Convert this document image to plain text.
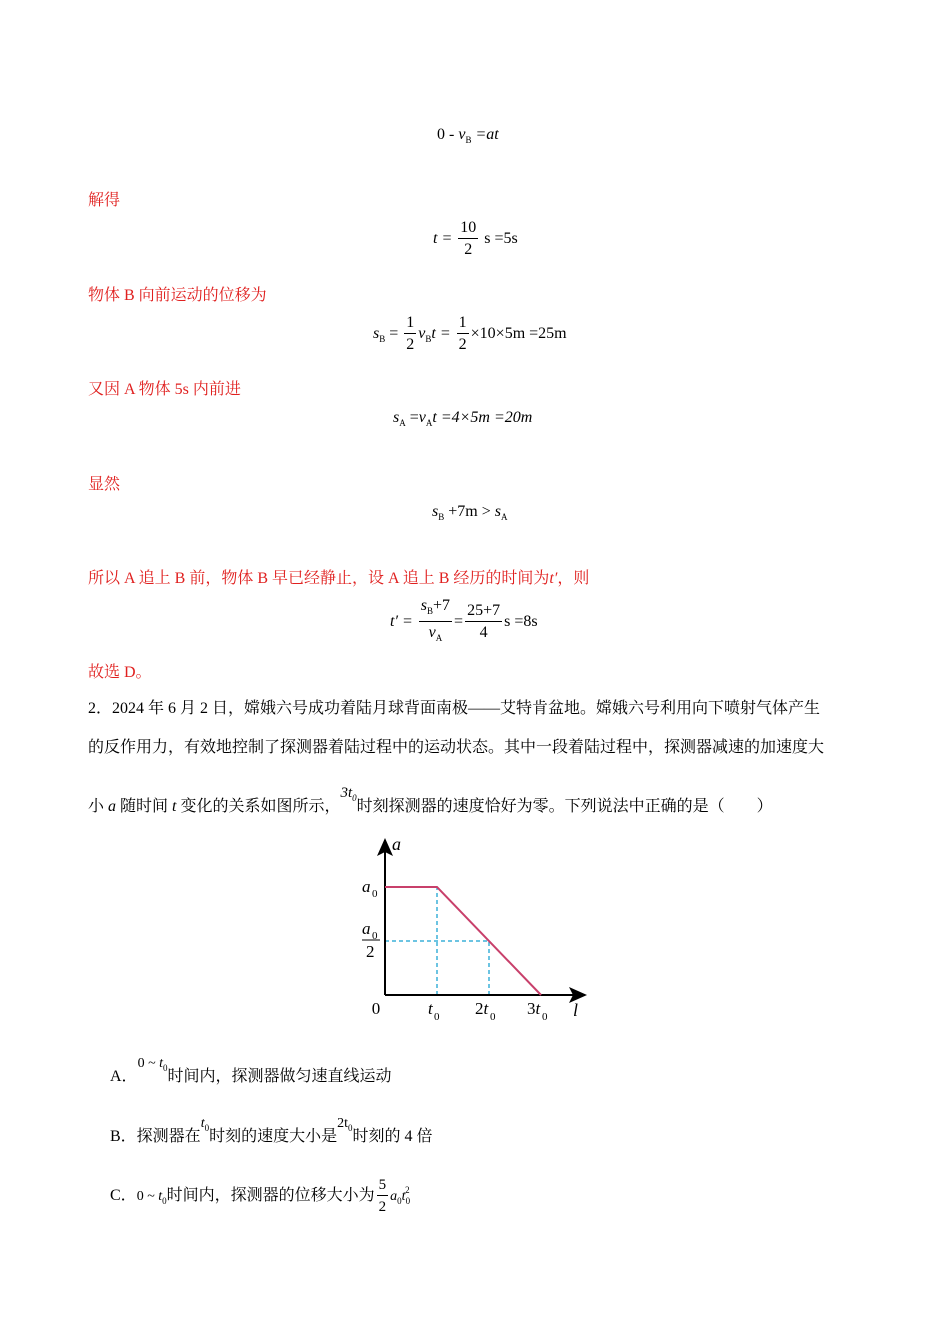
$0 - v_B =at$
解得
$t = \frac{10}{2}$ s =5s
物体 B 向前运动的位移为
$s_B = \frac{1}{2} v_Bt = \frac{1}{2} \times 10\times 5m =25m$
又因 A 物体 5s 内前进
$s_A =v_At =4\times 5m =20m$
显然
$s_B +7m > s_A$
所以 A 追上 B 前，物体 B 早已经静止，设 A 追上 B 经历的时间为t′，则
$t' = \frac{s_B+7}{v_A} = \frac{25+7}{4}$ s =8s
故选 D。
2．2024 年 6 月 2 日，嫦娥六号成功着陆月球背面南极——艾特肯盆地。嫦娥六号利用向下喷射气体产生
的反作用力，有效地控制了探测器着陆过程中的运动状态。其中一段着陆过程中，探测器减速的加速度大
小 a 随时间 t 变化的关系如图所示，$3t_0$时刻探测器的速度恰好为零。下列说法中正确的是（　　）
a
l
0	t 0 2t 0 3t 0
a 0
a 0
2
A．0 ~ $t_0$时间内，探测器做匀速直线运动
B．探测器在$t_0$时刻的速度大小是$2t_0$时刻的 4 倍
C．0 ~ $t_0$时间内，探测器的位移大小为 $\frac{5}{2} a_0t_0^2$
